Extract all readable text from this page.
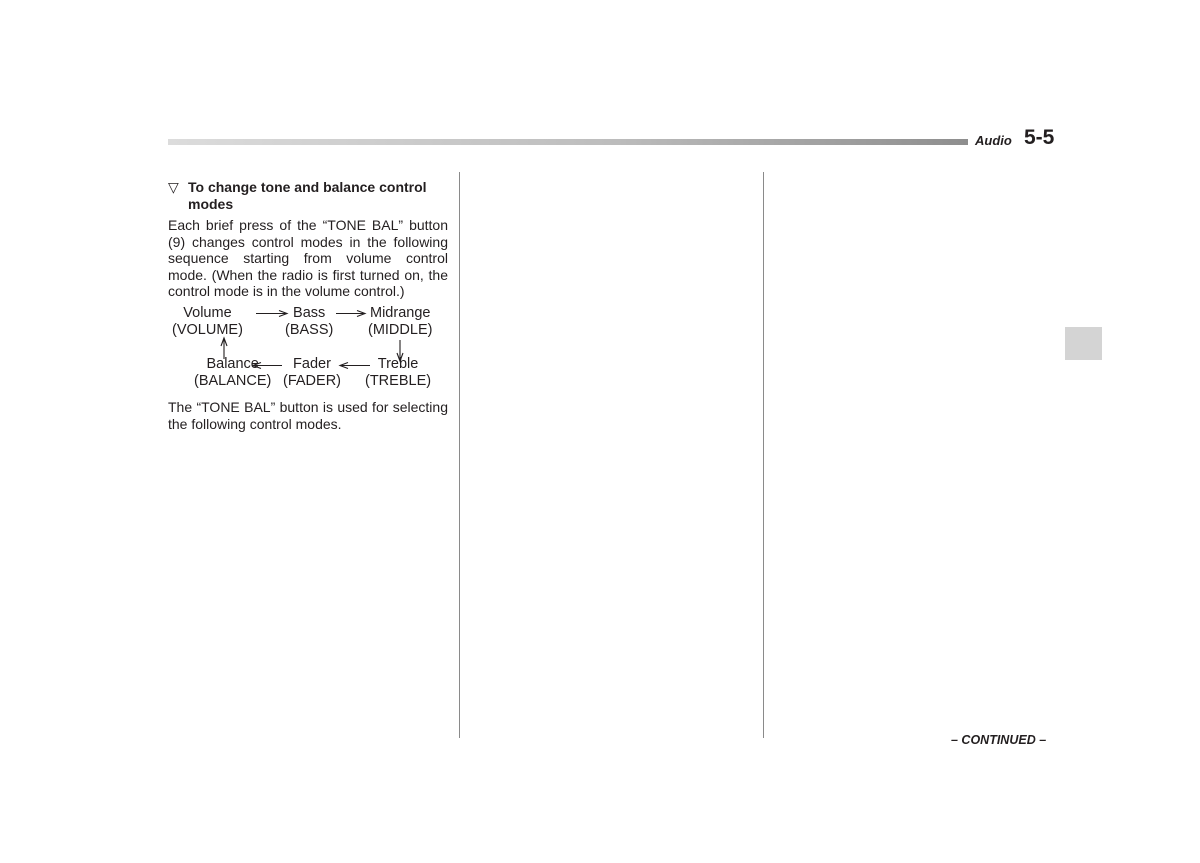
Audio 5-5
▽ To change tone and balance control modes

Each brief press of the “TONE BAL” button (9) changes control modes in the following sequence starting from volume control mode. (When the radio is first turned on, the control mode is in the volume control.)

Volume
(VOLUME)
Bass
(BASS)
Midrange
(MIDDLE)
Treble
(TREBLE)
Fader
(FADER)
Balance
(BALANCE)

The “TONE BAL” button is used for selecting the following control modes.

– CONTINUED –
